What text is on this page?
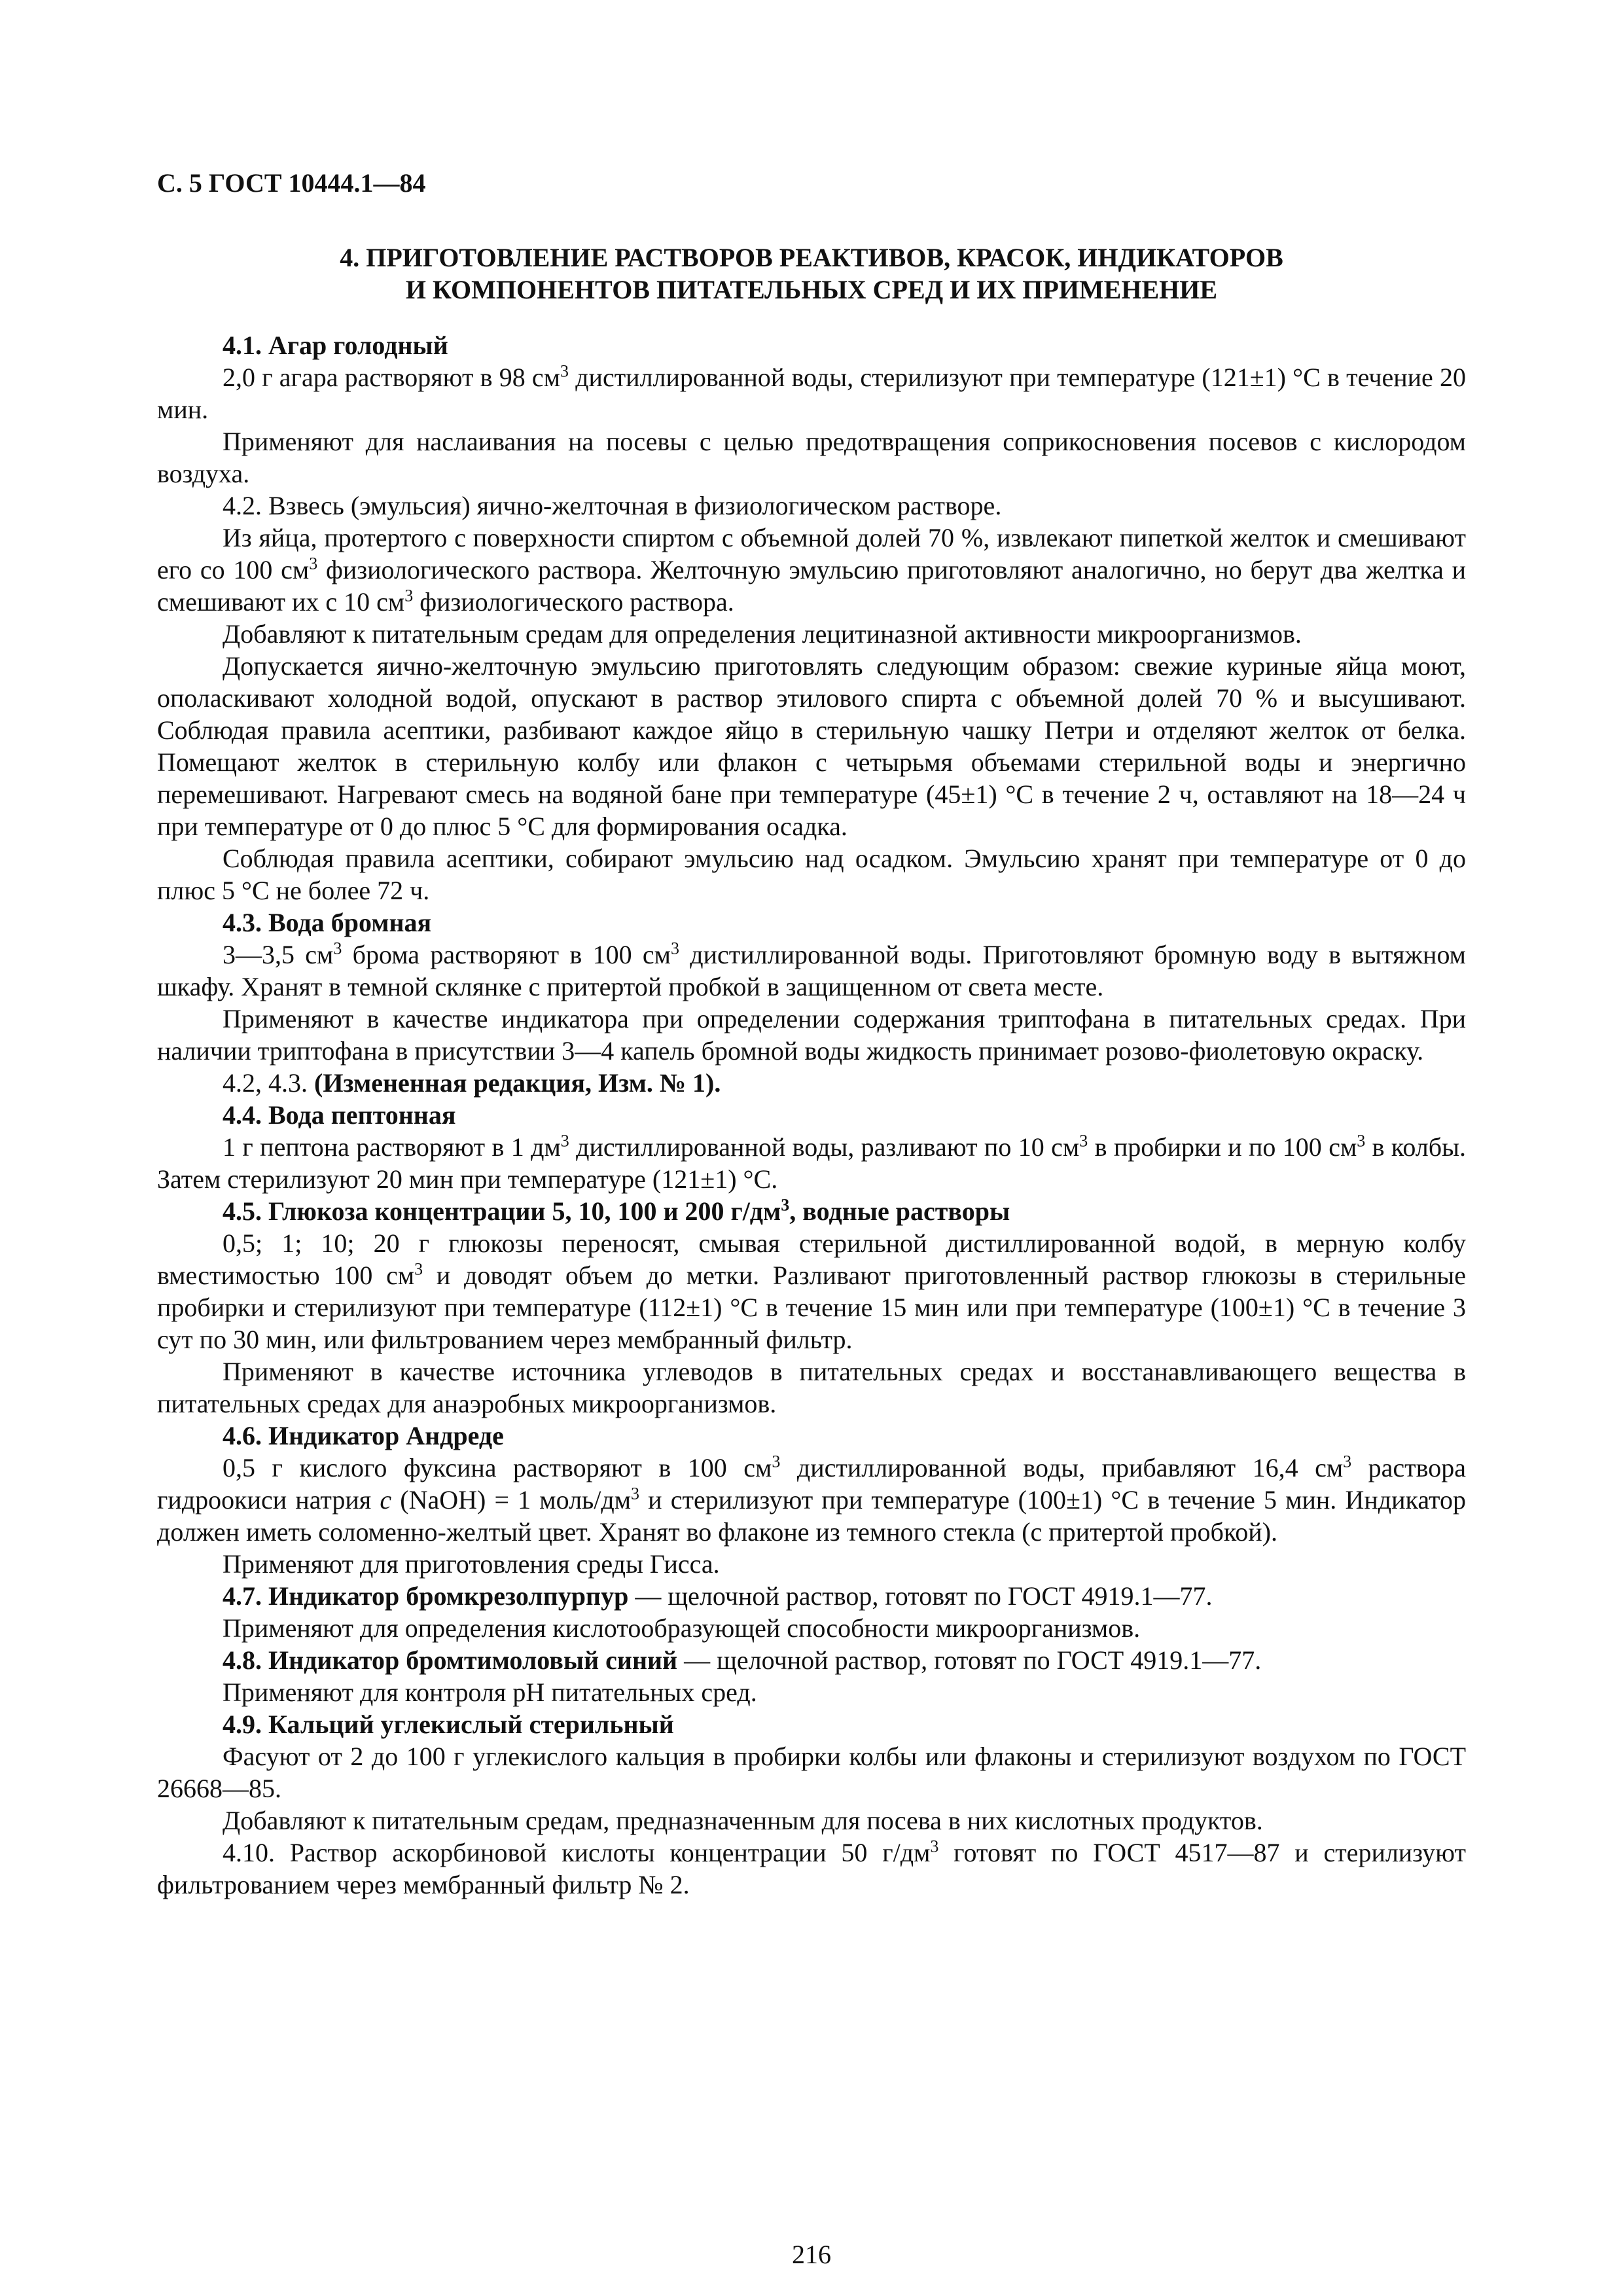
С. 5 ГОСТ 10444.1—84
4. ПРИГОТОВЛЕНИЕ РАСТВОРОВ РЕАКТИВОВ, КРАСОК, ИНДИКАТОРОВ
И КОМПОНЕНТОВ ПИТАТЕЛЬНЫХ СРЕД И ИХ ПРИМЕНЕНИЕ

4.1. Агар голодный

2,0 г агара растворяют в 98 $см^3$ дистиллированной воды, стерилизуют при температуре (121±1) °С в течение 20 мин.

Применяют для наслаивания на посевы с целью предотвращения соприкосновения посевов с кислородом воздуха.

4.2. Взвесь (эмульсия) яично-желточная в физиологическом растворе.

Из яйца, протертого с поверхности спиртом с объемной долей 70 %, извлекают пипеткой желток и смешивают его со 100 $см^3$ физиологического раствора. Желточную эмульсию приготовляют аналогично, но берут два желтка и смешивают их с 10 $см^3$ физиологического раствора.

Добавляют к питательным средам для определения лецитиназной активности микроорганизмов.

Допускается яично-желточную эмульсию приготовлять следующим образом: свежие куриные яйца моют, ополаскивают холодной водой, опускают в раствор этилового спирта с объемной долей 70 % и высушивают. Соблюдая правила асептики, разбивают каждое яйцо в стерильную чашку Петри и отделяют желток от белка. Помещают желток в стерильную колбу или флакон с четырьмя объемами стерильной воды и энергично перемешивают. Нагревают смесь на водяной бане при температуре (45±1) °С в течение 2 ч, оставляют на 18—24 ч при температуре от 0 до плюс 5 °С для формирования осадка.

Соблюдая правила асептики, собирают эмульсию над осадком. Эмульсию хранят при температуре от 0 до плюс 5 °С не более 72 ч.

4.3. Вода бромная

3—3,5 $см^3$ брома растворяют в 100 $см^3$ дистиллированной воды. Приготовляют бромную воду в вытяжном шкафу. Хранят в темной склянке с притертой пробкой в защищенном от света месте.

Применяют в качестве индикатора при определении содержания триптофана в питательных средах. При наличии триптофана в присутствии 3—4 капель бромной воды жидкость принимает розово-фиолетовую окраску.

4.2, 4.3. (Измененная редакция, Изм. № 1).

4.4. Вода пептонная

1 г пептона растворяют в 1 $дм^3$ дистиллированной воды, разливают по 10 $см^3$ в пробирки и по 100 $см^3$ в колбы. Затем стерилизуют 20 мин при температуре (121±1) °С.

4.5. Глюкоза концентрации 5, 10, 100 и 200 $г/дм^3$, водные растворы

0,5; 1; 10; 20 г глюкозы переносят, смывая стерильной дистиллированной водой, в мерную колбу вместимостью 100 $см^3$ и доводят объем до метки. Разливают приготовленный раствор глюкозы в стерильные пробирки и стерилизуют при температуре (112±1) °С в течение 15 мин или при температуре (100±1) °С в течение 3 сут по 30 мин, или фильтрованием через мембранный фильтр.

Применяют в качестве источника углеводов в питательных средах и восстанавливающего вещества в питательных средах для анаэробных микроорганизмов.

4.6. Индикатор Андреде

0,5 г кислого фуксина растворяют в 100 $см^3$ дистиллированной воды, прибавляют 16,4 $см^3$ раствора гидроокиси натрия с (NaOH) = 1 моль/$дм^3$ и стерилизуют при температуре (100±1) °С в течение 5 мин. Индикатор должен иметь соломенно-желтый цвет. Хранят во флаконе из темного стекла (с притертой пробкой).

Применяют для приготовления среды Гисса.

4.7. Индикатор бромкрезолпурпур — щелочной раствор, готовят по ГОСТ 4919.1—77.

Применяют для определения кислотообразующей способности микроорганизмов.

4.8. Индикатор бромтимоловый синий — щелочной раствор, готовят по ГОСТ 4919.1—77.

Применяют для контроля pH питательных сред.

4.9. Кальций углекислый стерильный

Фасуют от 2 до 100 г углекислого кальция в пробирки колбы или флаконы и стерилизуют воздухом по ГОСТ 26668—85.

Добавляют к питательным средам, предназначенным для посева в них кислотных продуктов.

4.10. Раствор аскорбиновой кислоты концентрации 50 $г/дм^3$ готовят по ГОСТ 4517—87 и стерилизуют фильтрованием через мембранный фильтр № 2.

216
